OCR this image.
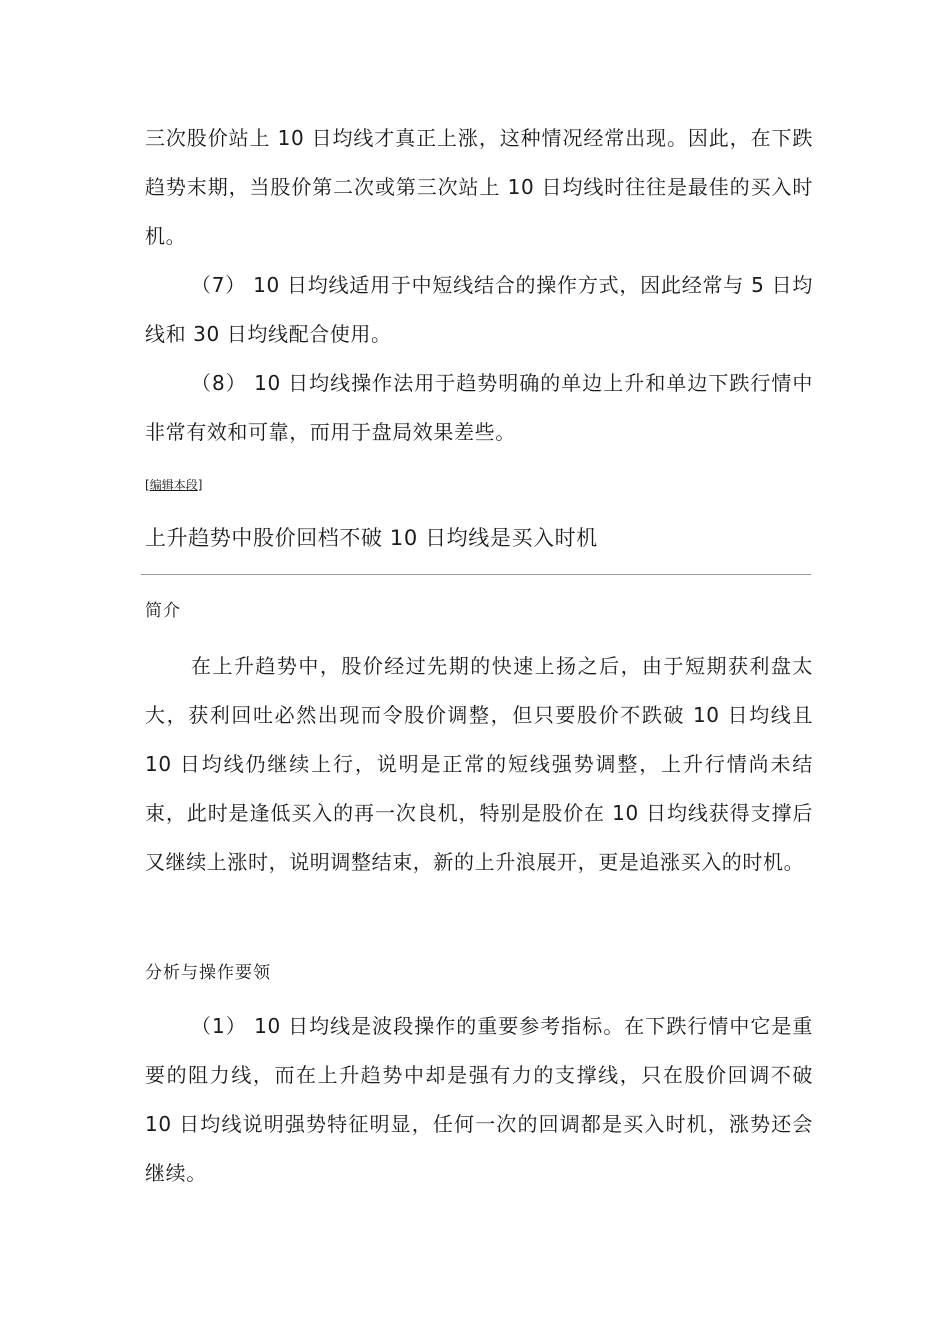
三次股价站上 10 日均线才真正上涨，这种情况经常出现。因此，在下跌趋势末期，当股价第二次或第三次站上 10 日均线时往往是最佳的买入时机。

（7） 10 日均线适用于中短线结合的操作方式，因此经常与 5 日均线和 30 日均线配合使用。

（8） 10 日均线操作法用于趋势明确的单边上升和单边下跌行情中非常有效和可靠，而用于盘局效果差些。

[编辑本段]
上升趋势中股价回档不破 10 日均线是买入时机
简介

在上升趋势中，股价经过先期的快速上扬之后，由于短期获利盘太大，获利回吐必然出现而令股价调整，但只要股价不跌破 10 日均线且 10 日均线仍继续上行，说明是正常的短线强势调整，上升行情尚未结束，此时是逢低买入的再一次良机，特别是股价在 10 日均线获得支撑后又继续上涨时，说明调整结束，新的上升浪展开，更是追涨买入的时机。

分析与操作要领

（1） 10 日均线是波段操作的重要参考指标。在下跌行情中它是重要的阻力线，而在上升趋势中却是强有力的支撑线，只在股价回调不破 10 日均线说明强势特征明显，任何一次的回调都是买入时机，涨势还会继续。
